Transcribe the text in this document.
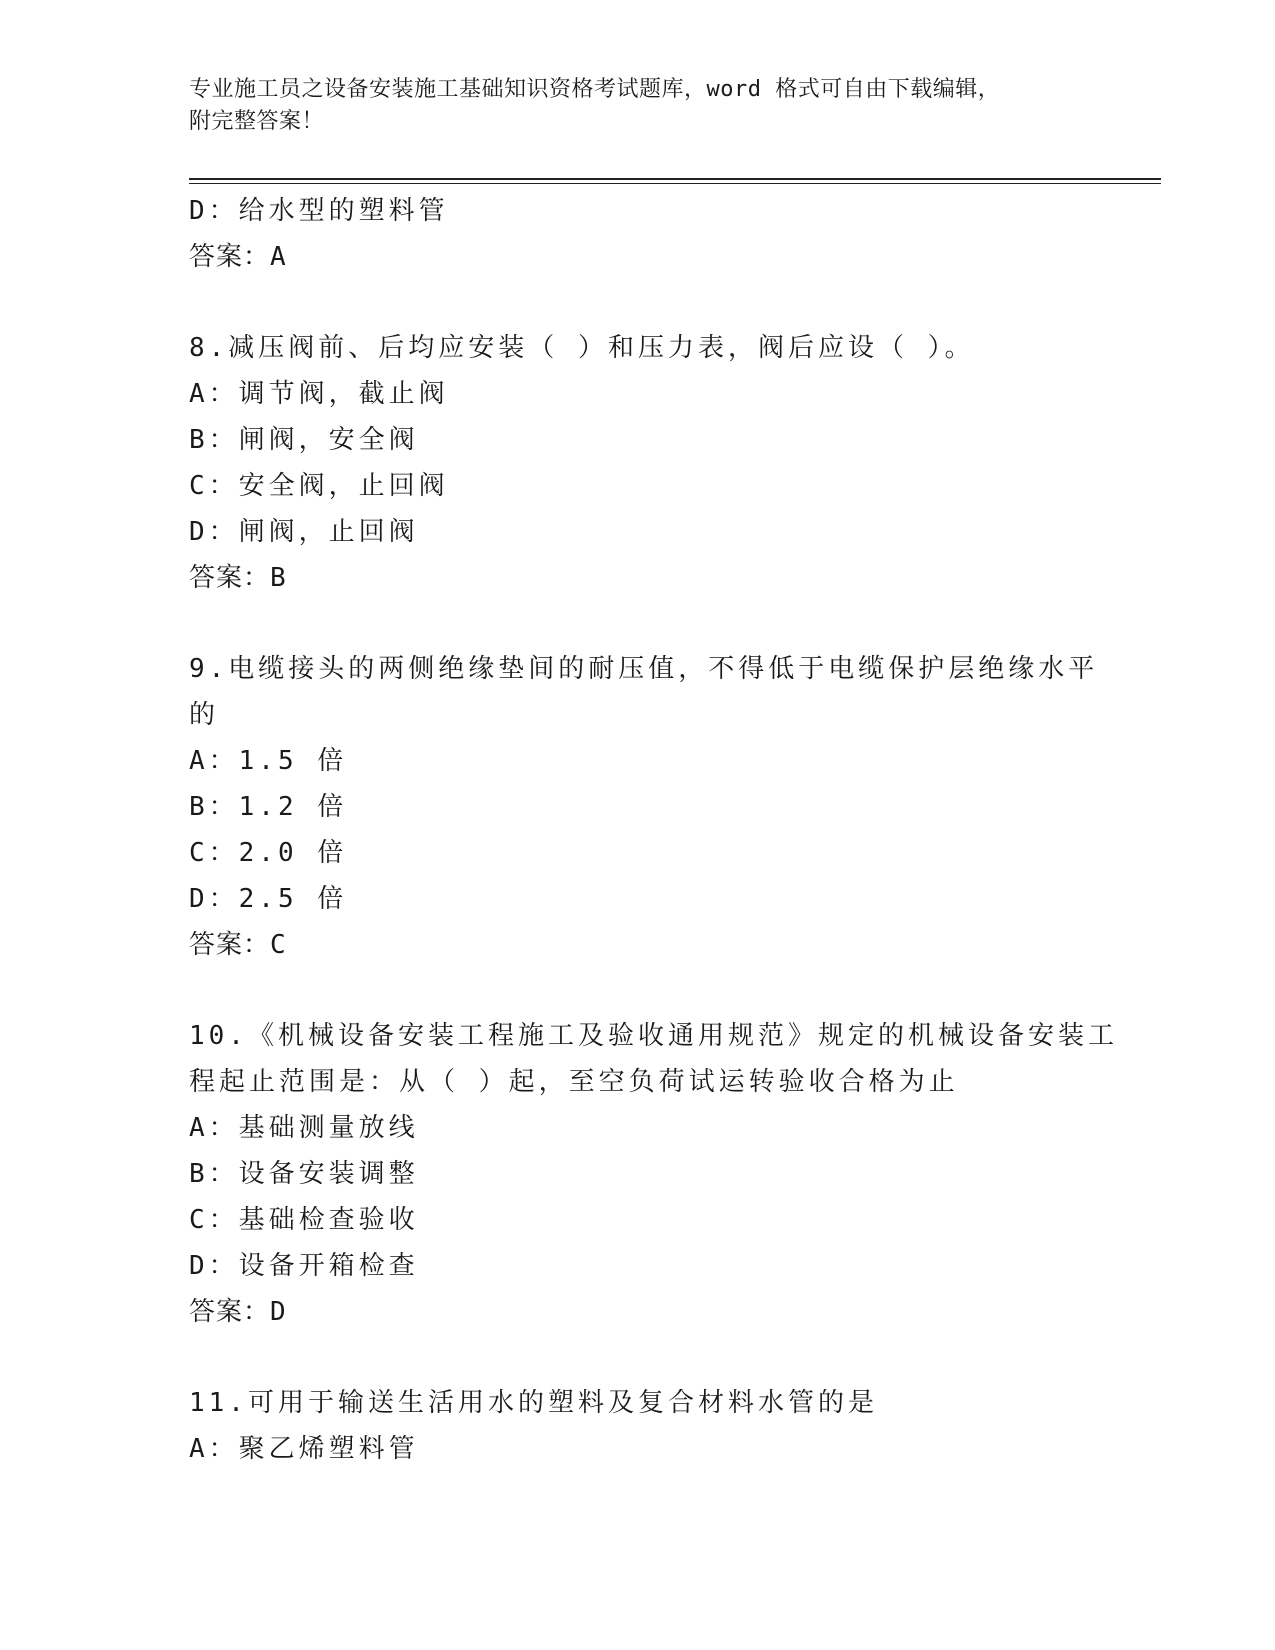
专业施工员之设备安装施工基础知识资格考试题库，word 格式可自由下载编辑，
附完整答案！
D：给水型的塑料管
答案：A
8.减压阀前、后均应安装（ ）和压力表，阀后应设（ ）。
A：调节阀，截止阀
B：闸阀，安全阀
C：安全阀，止回阀
D：闸阀，止回阀
答案：B
9.电缆接头的两侧绝缘垫间的耐压值，不得低于电缆保护层绝缘水平
的
A：1.5 倍
B：1.2 倍
C：2.0 倍
D：2.5 倍
答案：C
10.《机械设备安装工程施工及验收通用规范》规定的机械设备安装工
程起止范围是：从（ ）起，至空负荷试运转验收合格为止
A：基础测量放线
B：设备安装调整
C：基础检查验收
D：设备开箱检查
答案：D
11.可用于输送生活用水的塑料及复合材料水管的是
A：聚乙烯塑料管
